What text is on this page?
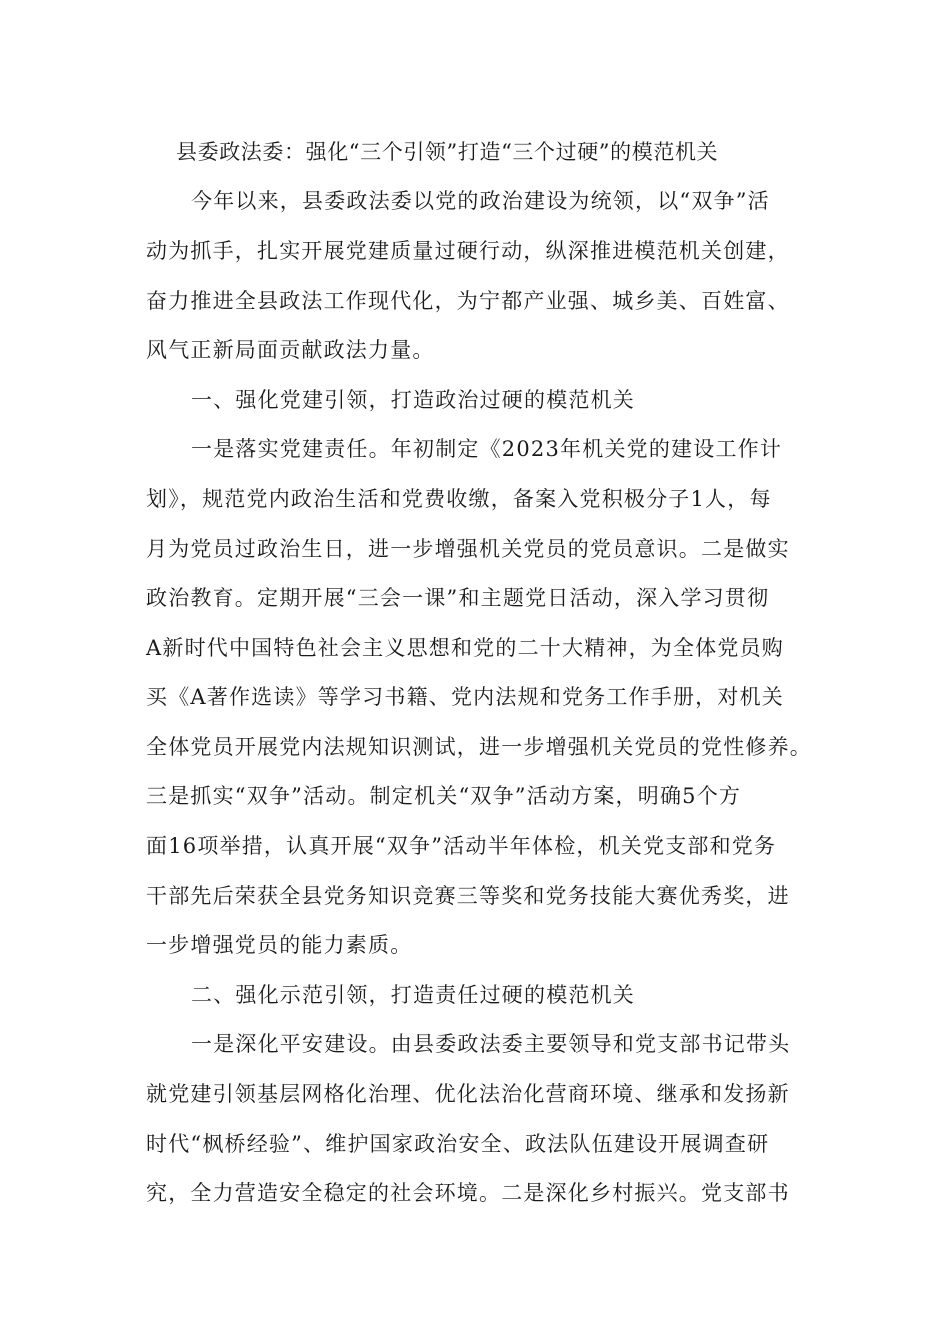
县委政法委：强化“三个引领”打造“三个过硬”的模范机关
今年以来，县委政法委以党的政治建设为统领，以“双争”活
动为抓手，扎实开展党建质量过硬行动，纵深推进模范机关创建，
奋力推进全县政法工作现代化，为宁都产业强、城乡美、百姓富、
风气正新局面贡献政法力量。
一、强化党建引领，打造政治过硬的模范机关
一是落实党建责任。年初制定《2023年机关党的建设工作计
划》，规范党内政治生活和党费收缴，备案入党积极分子1人，每
月为党员过政治生日，进一步增强机关党员的党员意识。二是做实
政治教育。定期开展“三会一课”和主题党日活动，深入学习贯彻
A新时代中国特色社会主义思想和党的二十大精神，为全体党员购
买《A著作选读》等学习书籍、党内法规和党务工作手册，对机关
全体党员开展党内法规知识测试，进一步增强机关党员的党性修养。
三是抓实“双争”活动。制定机关“双争”活动方案，明确5个方
面16项举措，认真开展“双争”活动半年体检，机关党支部和党务
干部先后荣获全县党务知识竞赛三等奖和党务技能大赛优秀奖，进
一步增强党员的能力素质。
二、强化示范引领，打造责任过硬的模范机关
一是深化平安建设。由县委政法委主要领导和党支部书记带头
就党建引领基层网格化治理、优化法治化营商环境、继承和发扬新
时代“枫桥经验”、维护国家政治安全、政法队伍建设开展调查研
究，全力营造安全稳定的社会环境。二是深化乡村振兴。党支部书
